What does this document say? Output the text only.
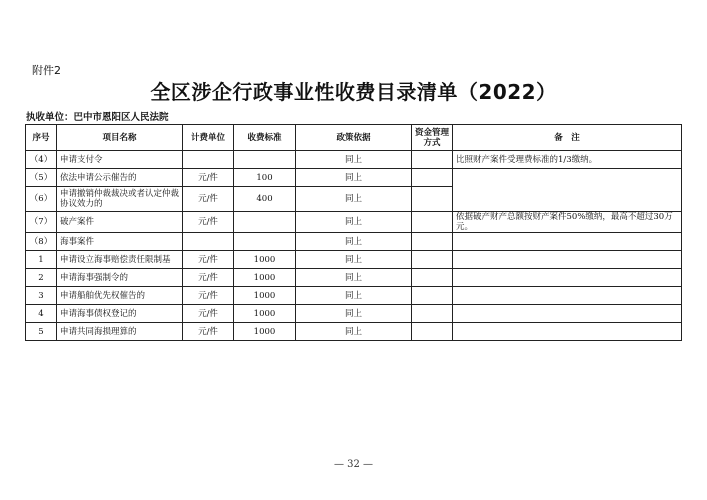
附件2
全区涉企行政事业性收费目录清单（2022）
执收单位：巴中市恩阳区人民法院
序号	项目名称	计费单位	收费标准	政策依据	资金管理方式	备　注
（4）	申请支付令			同上		比照财产案件受理费标准的1/3缴纳。
（5）	依法申请公示催告的	元/件	100	同上		
（6）	申请撤销仲裁裁决或者认定仲裁协议效力的	元/件	400	同上		
（7）	破产案件	元/件		同上		依据破产财产总额按财产案件50%缴纳，最高不超过30万元。
（8）	海事案件			同上		
1	申请设立海事赔偿责任限制基	元/件	1000	同上		
2	申请海事强制令的	元/件	1000	同上		
3	申请船舶优先权催告的	元/件	1000	同上		
4	申请海事债权登记的	元/件	1000	同上		
5	申请共同海损理算的	元/件	1000	同上		
— 32 —
